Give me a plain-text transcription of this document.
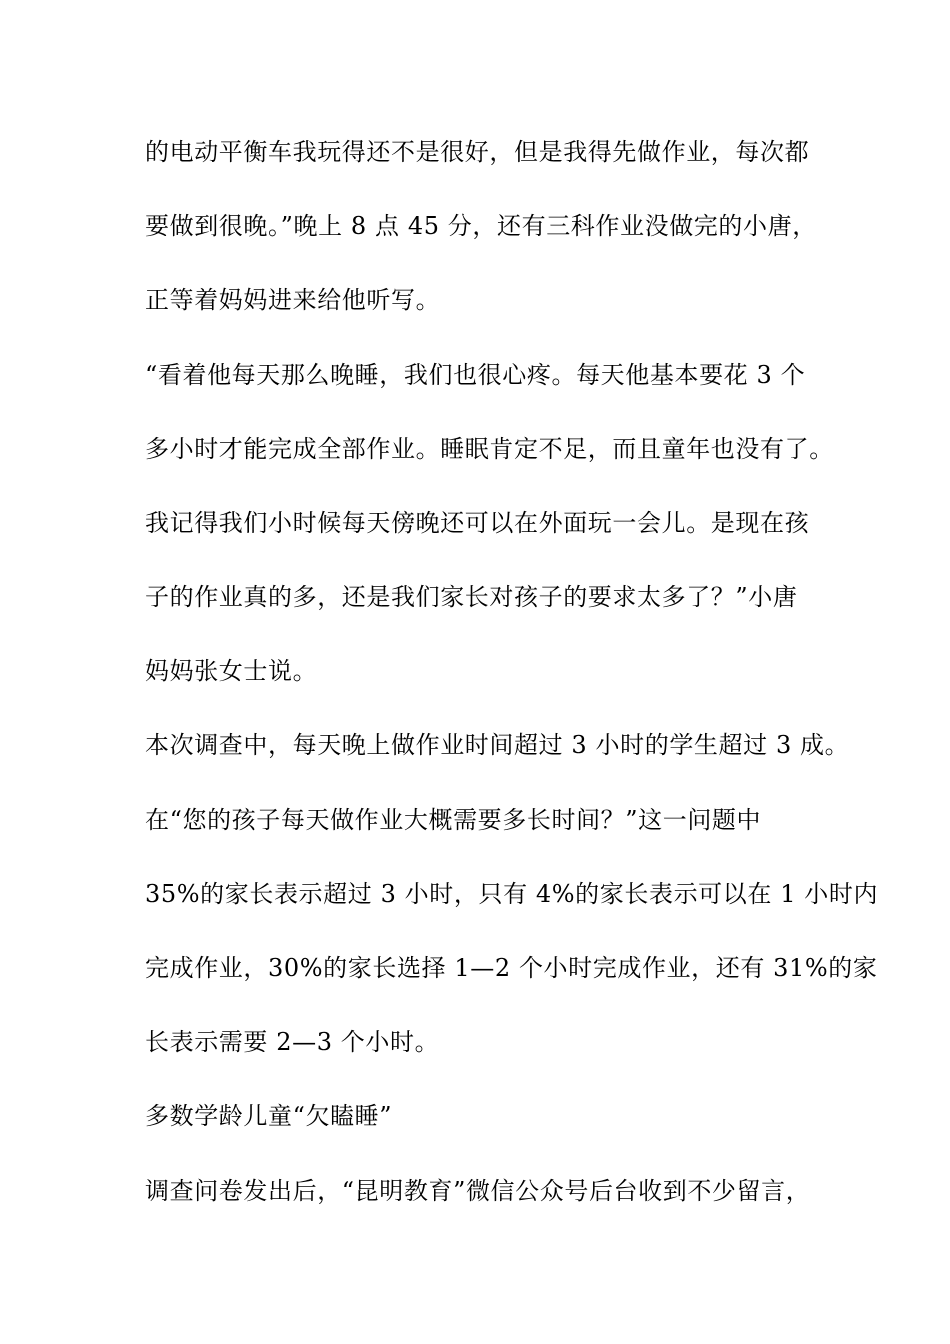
的电动平衡车我玩得还不是很好，但是我得先做作业，每次都

要做到很晚。”晚上 8 点 45 分，还有三科作业没做完的小唐，

正等着妈妈进来给他听写。

“看着他每天那么晚睡，我们也很心疼。每天他基本要花 3 个

多小时才能完成全部作业。睡眠肯定不足，而且童年也没有了。

我记得我们小时候每天傍晚还可以在外面玩一会儿。是现在孩

子的作业真的多，还是我们家长对孩子的要求太多了？”小唐

妈妈张女士说。

本次调查中，每天晚上做作业时间超过 3 小时的学生超过 3 成。

在“您的孩子每天做作业大概需要多长时间？”这一问题中

35%的家长表示超过 3 小时，只有 4%的家长表示可以在 1 小时内

完成作业，30%的家长选择 1—2 个小时完成作业，还有 31%的家

长表示需要 2—3 个小时。

多数学龄儿童“欠瞌睡”

调查问卷发出后，“昆明教育”微信公众号后台收到不少留言，
